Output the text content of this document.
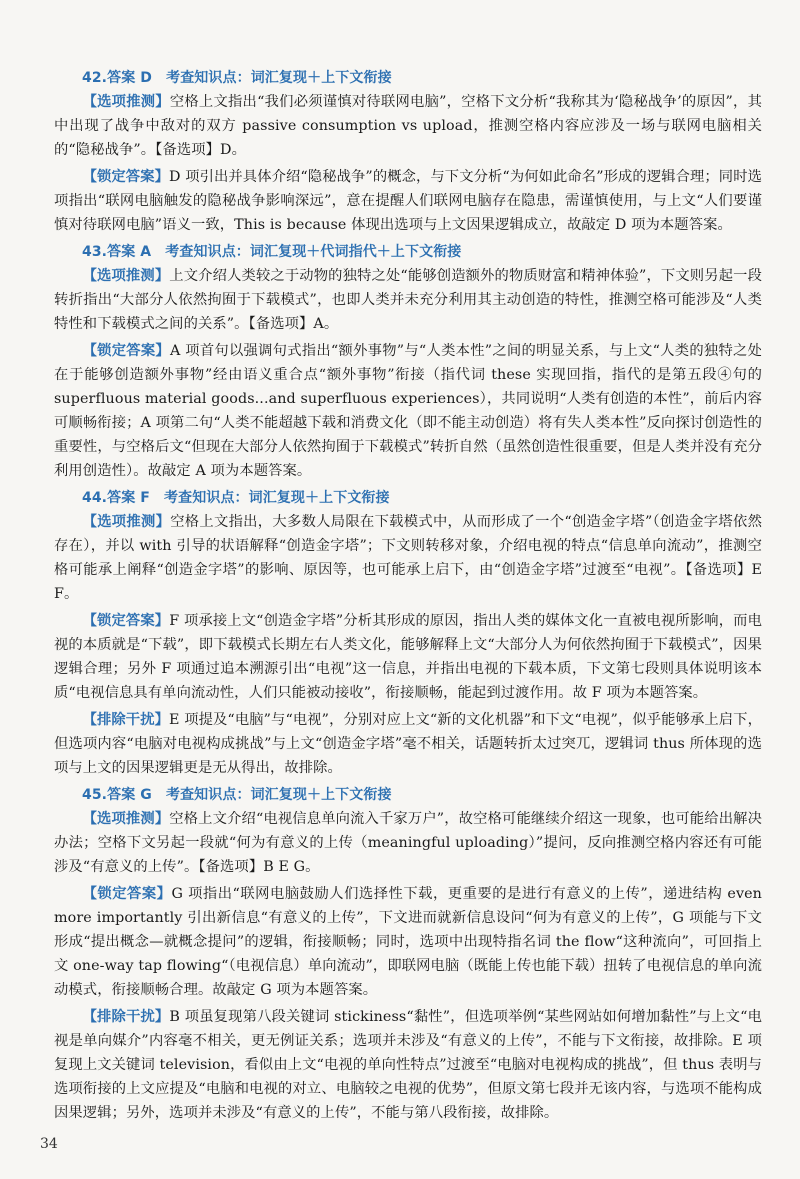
42.答案 D　考查知识点：词汇复现＋上下文衔接

【选项推测】空格上文指出“我们必须谨慎对待联网电脑”，空格下文分析“我称其为‘隐秘战争’的原因”，其中出现了战争中敌对的双方 passive consumption vs upload，推测空格内容应涉及一场与联网电脑相关的“隐秘战争”。【备选项】D。

【锁定答案】D 项引出并具体介绍“隐秘战争”的概念，与下文分析“为何如此命名”形成的逻辑合理；同时选项指出“联网电脑触发的隐秘战争影响深远”，意在提醒人们联网电脑存在隐患，需谨慎使用，与上文“人们要谨慎对待联网电脑”语义一致，This is because 体现出选项与上文因果逻辑成立，故敲定 D 项为本题答案。

43.答案 A　考查知识点：词汇复现＋代词指代＋上下文衔接

【选项推测】上文介绍人类较之于动物的独特之处“能够创造额外的物质财富和精神体验”，下文则另起一段转折指出“大部分人依然拘囿于下载模式”，也即人类并未充分利用其主动创造的特性，推测空格可能涉及“人类特性和下载模式之间的关系”。【备选项】A。

【锁定答案】A 项首句以强调句式指出“额外事物”与“人类本性”之间的明显关系，与上文“人类的独特之处在于能够创造额外事物”经由语义重合点“额外事物”衔接（指代词 these 实现回指，指代的是第五段④句的 superfluous material goods...and superfluous experiences），共同说明“人类有创造的本性”，前后内容可顺畅衔接；A 项第二句“人类不能超越下载和消费文化（即不能主动创造）将有失人类本性”反向探讨创造性的重要性，与空格后文“但现在大部分人依然拘囿于下载模式”转折自然（虽然创造性很重要，但是人类并没有充分利用创造性）。故敲定 A 项为本题答案。

44.答案 F　考查知识点：词汇复现＋上下文衔接

【选项推测】空格上文指出，大多数人局限在下载模式中，从而形成了一个“创造金字塔”（创造金字塔依然存在），并以 with 引导的状语解释“创造金字塔”；下文则转移对象，介绍电视的特点“信息单向流动”，推测空格可能承上阐释“创造金字塔”的影响、原因等，也可能承上启下，由“创造金字塔”过渡至“电视”。【备选项】E F。

【锁定答案】F 项承接上文“创造金字塔”分析其形成的原因，指出人类的媒体文化一直被电视所影响，而电视的本质就是“下载”，即下载模式长期左右人类文化，能够解释上文“大部分人为何依然拘囿于下载模式”，因果逻辑合理；另外 F 项通过追本溯源引出“电视”这一信息，并指出电视的下载本质，下文第七段则具体说明该本质“电视信息具有单向流动性，人们只能被动接收”，衔接顺畅，能起到过渡作用。故 F 项为本题答案。

【排除干扰】E 项提及“电脑”与“电视”，分别对应上文“新的文化机器”和下文“电视”，似乎能够承上启下，但选项内容“电脑对电视构成挑战”与上文“创造金字塔”毫不相关，话题转折太过突兀，逻辑词 thus 所体现的选项与上文的因果逻辑更是无从得出，故排除。

45.答案 G　考查知识点：词汇复现＋上下文衔接

【选项推测】空格上文介绍“电视信息单向流入千家万户”，故空格可能继续介绍这一现象，也可能给出解决办法；空格下文另起一段就“何为有意义的上传（meaningful uploading）”提问，反向推测空格内容还有可能涉及“有意义的上传”。【备选项】B E G。

【锁定答案】G 项指出“联网电脑鼓励人们选择性下载，更重要的是进行有意义的上传”，递进结构 even more importantly 引出新信息“有意义的上传”，下文进而就新信息设问“何为有意义的上传”，G 项能与下文形成“提出概念—就概念提问”的逻辑，衔接顺畅；同时，选项中出现特指名词 the flow“这种流向”，可回指上文 one-way tap flowing“（电视信息）单向流动”，即联网电脑（既能上传也能下载）扭转了电视信息的单向流动模式，衔接顺畅合理。故敲定 G 项为本题答案。

【排除干扰】B 项虽复现第八段关键词 stickiness“黏性”，但选项举例“某些网站如何增加黏性”与上文“电视是单向媒介”内容毫不相关，更无例证关系；选项并未涉及“有意义的上传”，不能与下文衔接，故排除。E 项复现上文关键词 television，看似由上文“电视的单向性特点”过渡至“电脑对电视构成的挑战”，但 thus 表明与选项衔接的上文应提及“电脑和电视的对立、电脑较之电视的优势”，但原文第七段并无该内容，与选项不能构成因果逻辑；另外，选项并未涉及“有意义的上传”，不能与第八段衔接，故排除。

34
